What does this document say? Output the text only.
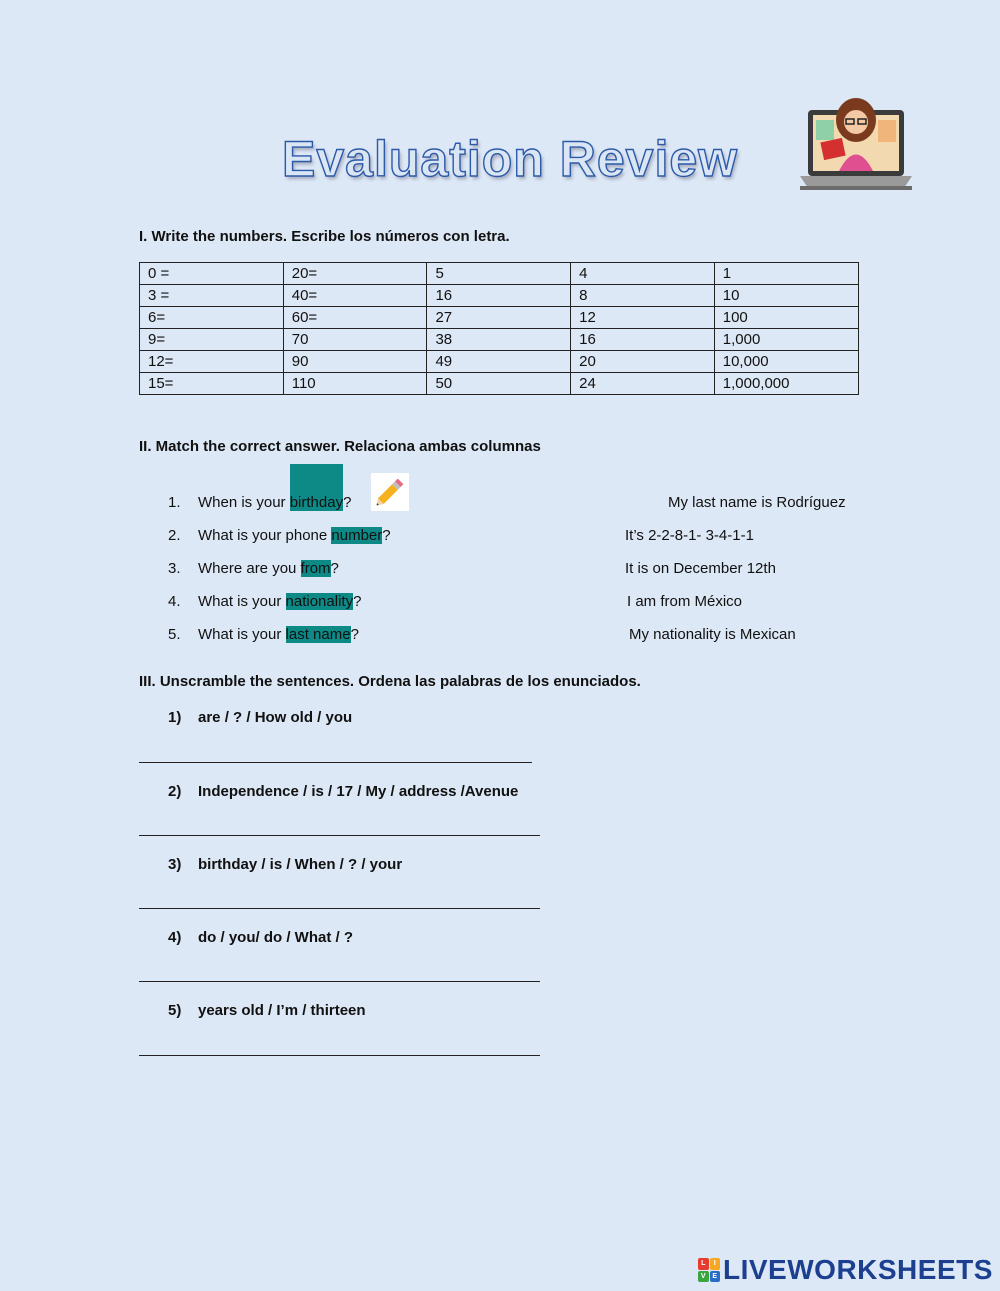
Evaluation Review
I. Write the numbers. Escribe los números con letra.
0 =	20=	5	4	1
3 =	40=	16	8	10
6=	60=	27	12	100
9=	70	38	16	1,000
12=	90	49	20	10,000
15=	110	50	24	1,000,000
II. Match the correct answer. Relaciona ambas columnas
1. When is your birthday?	My last name is Rodríguez
2. What is your phone number?	It’s 2-2-8-1- 3-4-1-1
3. Where are you from?	It is on December 12th
4. What is your nationality?	I am from México
5. What is your last name?	My nationality is Mexican
III. Unscramble the sentences. Ordena las palabras de los enunciados.
1) are / ? / How old / you
2) Independence / is / 17 / My / address /Avenue
3) birthday / is / When / ? / your
4) do / you/ do / What / ?
5) years old / I’m / thirteen
L	I
V E LIVEWORKSHEETS
